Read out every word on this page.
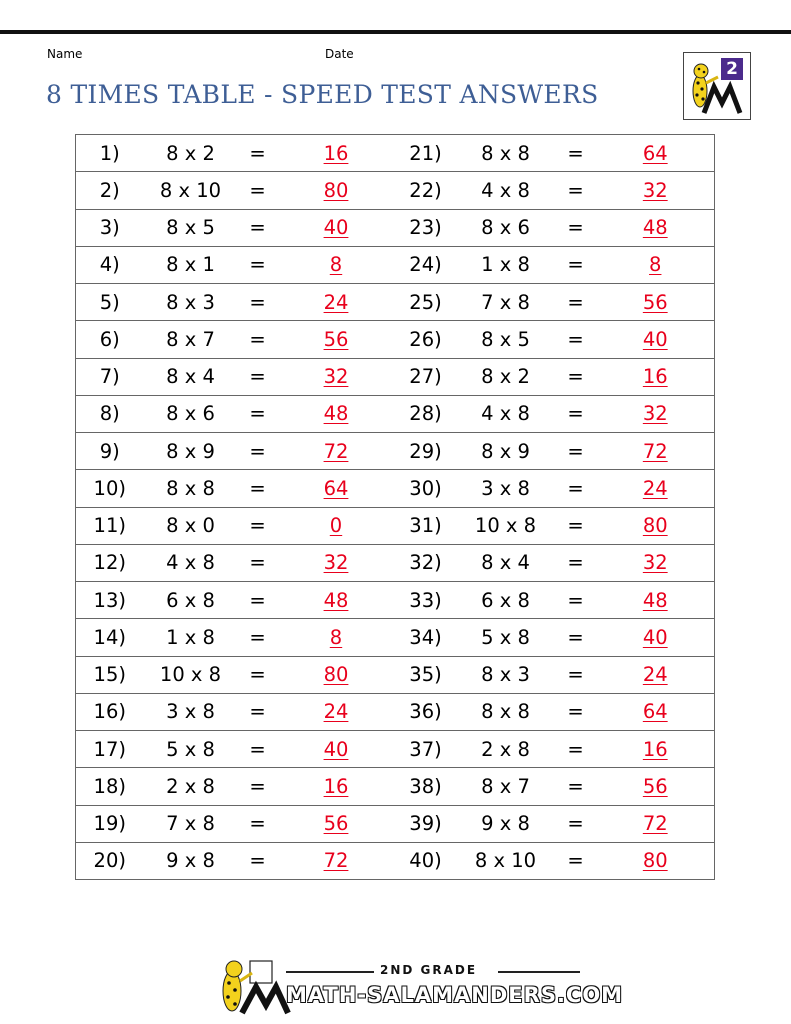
Name	Date
8 TIMES TABLE - SPEED TEST ANSWERS
2
1)	8 x 2	=	16	21)	8 x 8	=	64
2)	8 x 10	=	80	22)	4 x 8	=	32
3)	8 x 5	=	40	23)	8 x 6	=	48
4)	8 x 1	=	8	24)	1 x 8	=	8
5)	8 x 3	=	24	25)	7 x 8	=	56
6)	8 x 7	=	56	26)	8 x 5	=	40
7)	8 x 4	=	32	27)	8 x 2	=	16
8)	8 x 6	=	48	28)	4 x 8	=	32
9)	8 x 9	=	72	29)	8 x 9	=	72
10)	8 x 8	=	64	30)	3 x 8	=	24
11)	8 x 0	=	0	31)	10 x 8	=	80
12)	4 x 8	=	32	32)	8 x 4	=	32
13)	6 x 8	=	48	33)	6 x 8	=	48
14)	1 x 8	=	8	34)	5 x 8	=	40
15)	10 x 8	=	80	35)	8 x 3	=	24
16)	3 x 8	=	24	36)	8 x 8	=	64
17)	5 x 8	=	40	37)	2 x 8	=	16
18)	2 x 8	=	16	38)	8 x 7	=	56
19)	7 x 8	=	56	39)	9 x 8	=	72
20)	9 x 8	=	72	40)	8 x 10	=	80
2ND GRADE
MATH-SALAMANDERS.COM
